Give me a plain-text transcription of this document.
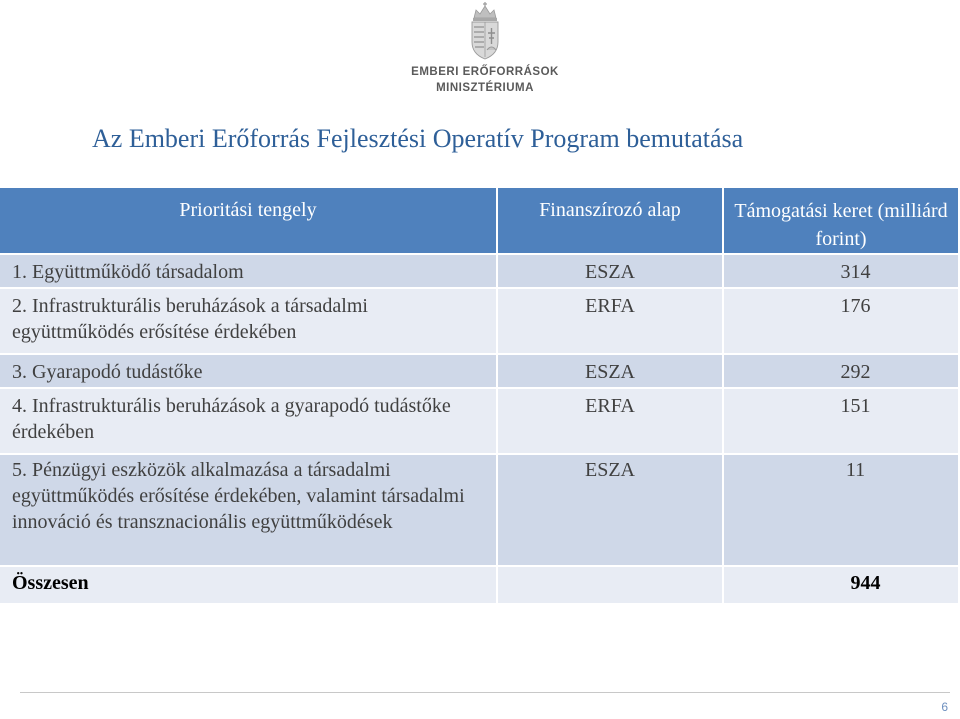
EMBERI ERŐFORRÁSOK
MINISZTÉRIUMA
Az Emberi Erőforrás Fejlesztési Operatív Program bemutatása
Prioritási tengely	Finanszírozó alap	Támogatási keret (milliárd forint)
1. Együttműködő társadalom	ESZA	314
2. Infrastrukturális beruházások a társadalmi együttműködés erősítése érdekében	ERFA	176
3. Gyarapodó tudástőke	ESZA	292
4. Infrastrukturális beruházások a gyarapodó tudástőke érdekében	ERFA	151
5. Pénzügyi eszközök alkalmazása a társadalmi együttműködés erősítése érdekében, valamint társadalmi innováció és transznacionális együttműködések	ESZA	11
Összesen		944
6
